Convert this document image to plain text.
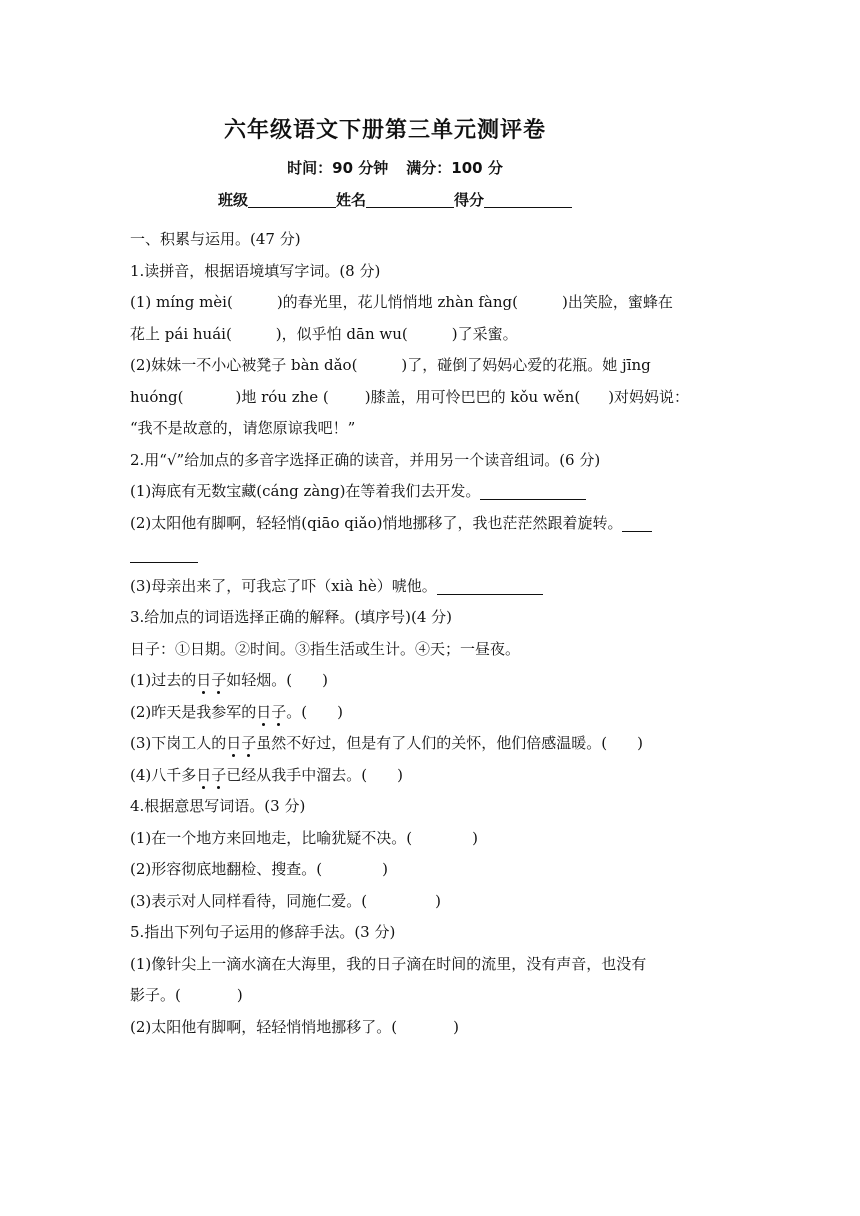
六年级语文下册第三单元测评卷
时间：90 分钟 满分：100 分
班级	姓名	得分
一、积累与运用。(47 分)
1.读拼音，根据语境填写字词。(8 分)
(1) míng mèi(	)的春光里，花儿悄悄地 zhàn fàng(	)出笑脸，蜜蜂在
花上 pái huái(	)，似乎怕 dān wu(	)了采蜜。
(2)妹妹一不小心被凳子 bàn dǎo(	)了，碰倒了妈妈心爱的花瓶。她 jīng
huóng(	)地 róu zhe ( )膝盖，用可怜巴巴的 kǒu wěn( )对妈妈说：
“我不是故意的，请您原谅我吧！”
2.用“√”给加点的多音字选择正确的读音，并用另一个读音组词。(6 分)
(1)海底有无数宝藏(cáng zàng)在等着我们去开发。
(2)太阳他有脚啊，轻轻悄(qiāo qiǎo)悄地挪移了，我也茫茫然跟着旋转。
(3)母亲出来了，可我忘了吓（xià hè）唬他。
3.给加点的词语选择正确的解释。(填序号)(4 分)
日子：①日期。②时间。③指生活或生计。④天；一昼夜。
(1)过去的日子如轻烟。( )
(2)昨天是我参军的日子。( )
(3)下岗工人的日子虽然不好过，但是有了人们的关怀，他们倍感温暖。( )
(4)八千多日子已经从我手中溜去。( )
4.根据意思写词语。(3 分)
(1)在一个地方来回地走，比喻犹疑不决。(	)
(2)形容彻底地翻检、搜查。(	)
(3)表示对人同样看待，同施仁爱。(	)
5.指出下列句子运用的修辞手法。(3 分)
(1)像针尖上一滴水滴在大海里，我的日子滴在时间的流里，没有声音，也没有
影子。(	)
(2)太阳他有脚啊，轻轻悄悄地挪移了。(	)
